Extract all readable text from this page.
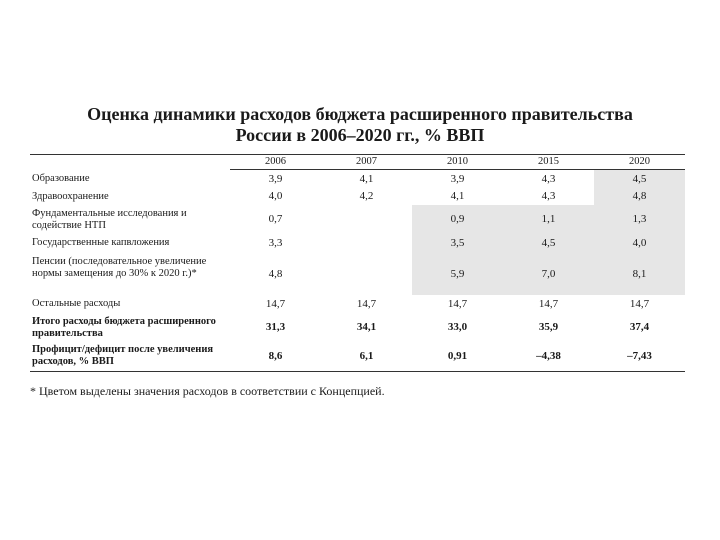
Оценка динамики расходов бюджета расширенного правительства
России в 2006–2020 гг., % ВВП
	2006	2007	2010	2015	2020
Образование	3,9	4,1	3,9	4,3	4,5
Здравоохранение	4,0	4,2	4,1	4,3	4,8
Фундаментальные исследования и содействие НТП	0,7		0,9	1,1	1,3
Государственные капвложения	3,3		3,5	4,5	4,0
Пенсии (последовательное увеличение нормы замещения до 30% к 2020 г.)*	4,8		5,9	7,0	8,1
Остальные расходы	14,7	14,7	14,7	14,7	14,7
Итого расходы бюджета расширенного правительства	31,3	34,1	33,0	35,9	37,4
Профицит/дефицит после увеличения расходов, % ВВП	8,6	6,1	0,91	–4,38	–7,43
* Цветом выделены значения расходов в соответствии с Концепцией.
